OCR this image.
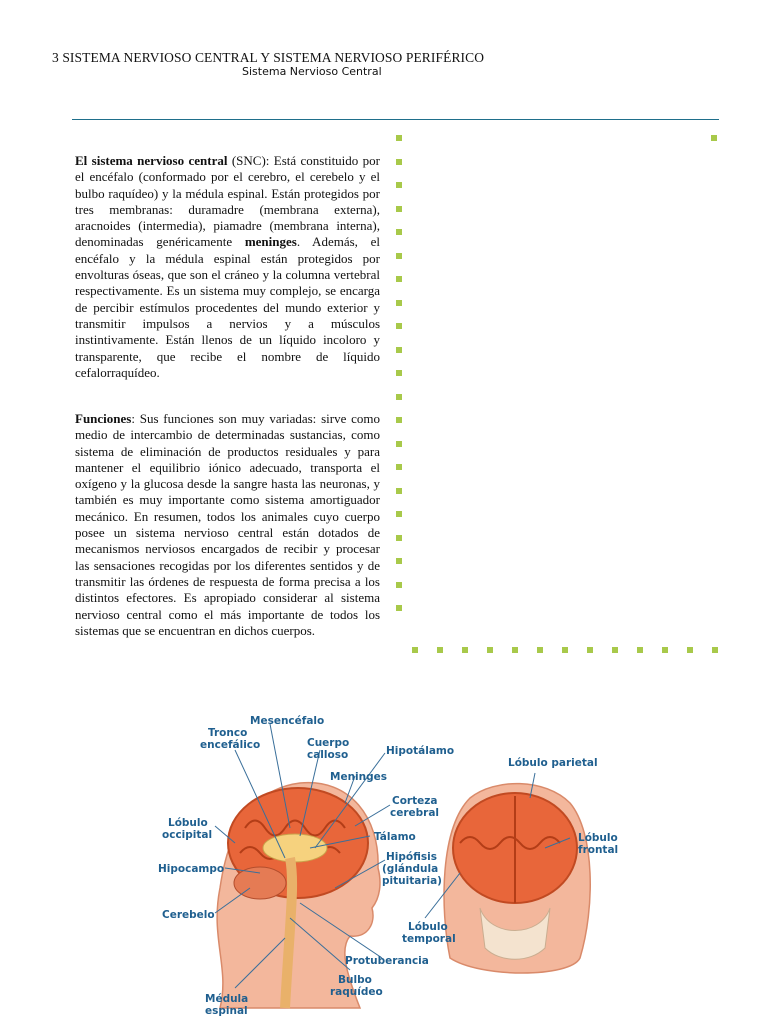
3 SISTEMA NERVIOSO CENTRAL Y SISTEMA NERVIOSO PERIFÉRICO
Sistema Nervioso Central
El sistema nervioso central (SNC): Está constituido por el encéfalo (conformado por el cerebro, el cerebelo y el bulbo raquídeo) y la médula espinal. Están protegidos por tres membranas: duramadre (membrana externa), aracnoides (intermedia), piamadre (membrana interna), denominadas genéricamente meninges. Además, el encéfalo y la médula espinal están protegidos por envolturas óseas, que son el cráneo y la columna vertebral respectivamente. Es un sistema muy complejo, se encarga de percibir estímulos procedentes del mundo exterior y transmitir impulsos a nervios y a músculos instintivamente. Están llenos de un líquido incoloro y transparente, que recibe el nombre de líquido cefalorraquídeo.
Funciones: Sus funciones son muy variadas: sirve como medio de intercambio de determinadas sustancias, como sistema de eliminación de productos residuales y para mantener el equilibrio iónico adecuado, transporta el oxígeno y la glucosa desde la sangre hasta las neuronas, y también es muy importante como sistema amortiguador mecánico. En resumen, todos los animales cuyo cuerpo posee un sistema nervioso central están dotados de mecanismos nerviosos encargados de recibir y procesar las sensaciones recogidas por los diferentes sentidos y de transmitir las órdenes de respuesta de forma precisa a los distintos efectores. Es apropiado considerar al sistema nervioso central como el más importante de todos los sistemas que se encuentran en dichos cuerpos.
Mesencéfalo
Tronco
encefálico	Cuerpo
calloso	Hipotálamo
Meninges
Lóbulo
occipital
Corteza
cerebral
Tálamo
Hipocampo
Hipófisis
(glándula
pituitaria)
Cerebelo
Protuberancia
Bulbo
raquídeo
Médula
espinal
Lóbulo parietal
Lóbulo
frontal
Lóbulo
temporal
